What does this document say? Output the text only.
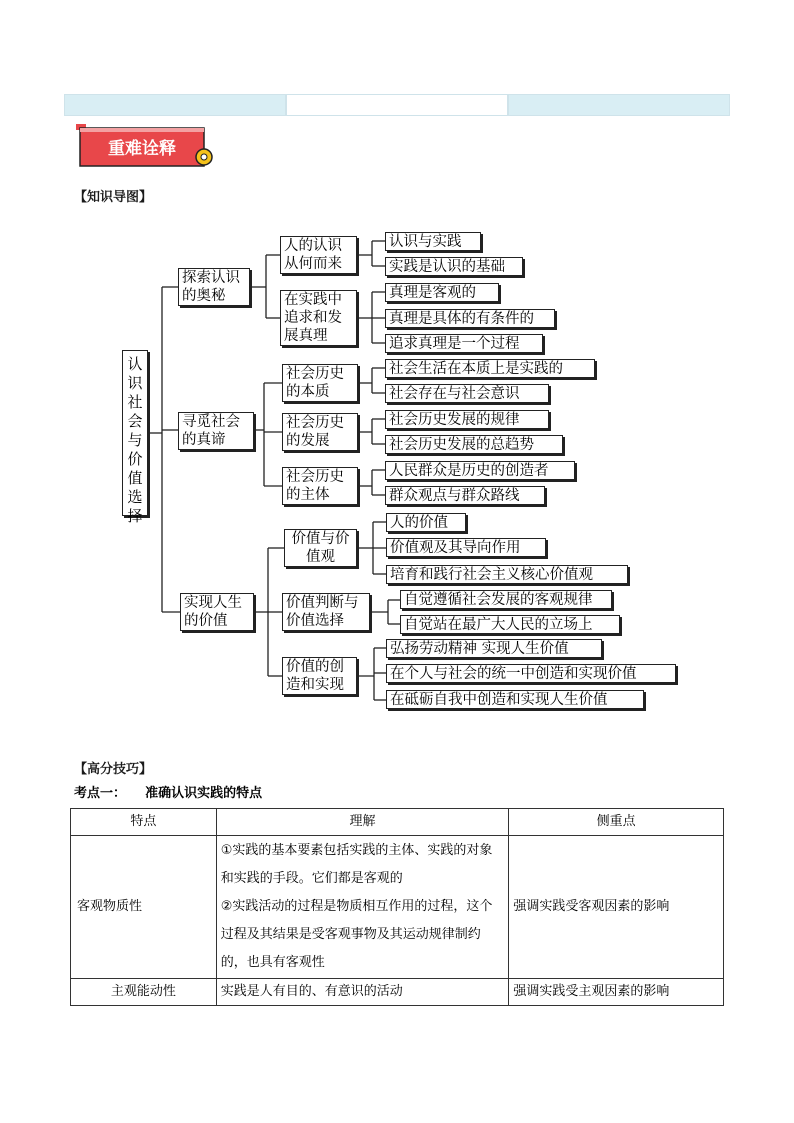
重难诠释
【知识导图】
认
识
社
会
与
价
值
选
择
探索认识的奥秘
寻觅社会的真谛
实现人生的价值
人的认识从何而来
在实践中追求和发展真理
社会历史的本质
社会历史的发展
社会历史的主体
价值与价值观
价值判断与价值选择
价值的创造和实现
认识与实践
实践是认识的基础
真理是客观的
真理是具体的有条件的
追求真理是一个过程
社会生活在本质上是实践的
社会存在与社会意识
社会历史发展的规律
社会历史发展的总趋势
人民群众是历史的创造者
群众观点与群众路线
人的价值
价值观及其导向作用
培育和践行社会主义核心价值观
自觉遵循社会发展的客观规律
自觉站在最广大人民的立场上
弘扬劳动精神 实现人生价值
在个人与社会的统一中创造和实现价值
在砥砺自我中创造和实现人生价值
【高分技巧】
考点一： 准确认识实践的特点
特点	理解	侧重点
客观物质性	①实践的基本要素包括实践的主体、实践的对象和实践的手段。它们都是客观的
②实践活动的过程是物质相互作用的过程，这个过程及其结果是受客观事物及其运动规律制约的，也具有客观性	强调实践受客观因素的影响
主观能动性	实践是人有目的、有意识的活动	强调实践受主观因素的影响
